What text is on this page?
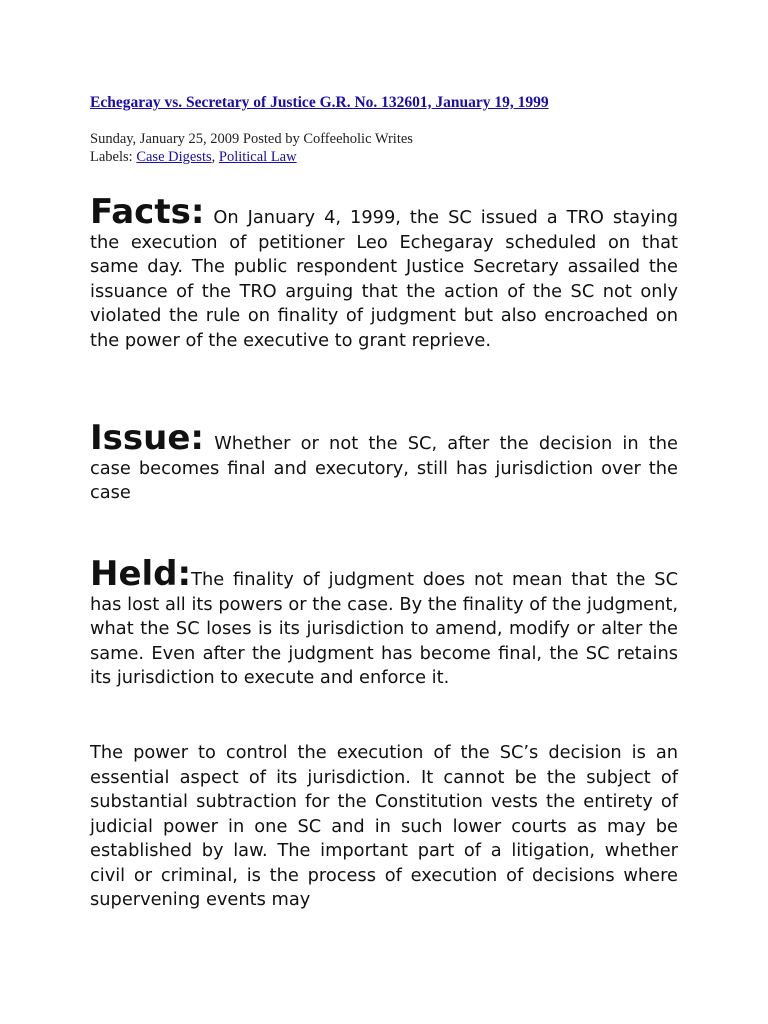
Echegaray vs. Secretary of Justice G.R. No. 132601, January 19, 1999
Sunday, January 25, 2009 Posted by Coffeeholic Writes
Labels: Case Digests, Political Law
Facts: On January 4, 1999, the SC issued a TRO staying the execution of petitioner Leo Echegaray scheduled on that same day. The public respondent Justice Secretary assailed the issuance of the TRO arguing that the action of the SC not only violated the rule on finality of judgment but also encroached on the power of the executive to grant reprieve.
Issue: Whether or not the SC, after the decision in the case becomes final and executory, still has jurisdiction over the case
Held:The finality of judgment does not mean that the SC has lost all its powers or the case. By the finality of the judgment, what the SC loses is its jurisdiction to amend, modify or alter the same. Even after the judgment has become final, the SC retains its jurisdiction to execute and enforce it.
The power to control the execution of the SC’s decision is an essential aspect of its jurisdiction. It cannot be the subject of substantial subtraction for the Constitution vests the entirety of judicial power in one SC and in such lower courts as may be established by law. The important part of a litigation, whether civil or criminal, is the process of execution of decisions where supervening events may
